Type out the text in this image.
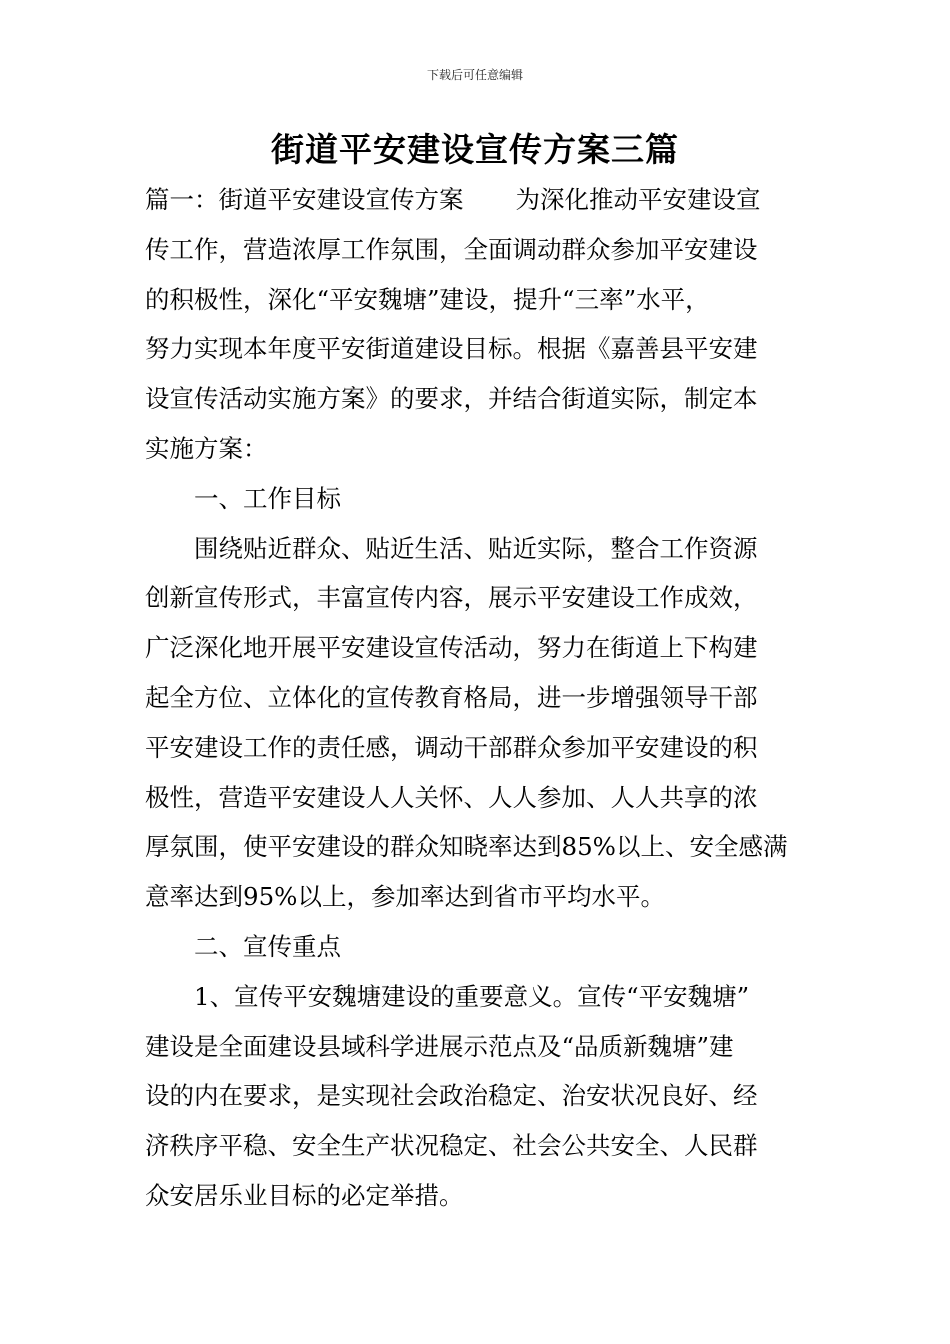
下载后可任意编辑
街道平安建设宣传方案三篇
篇一：街道平安建设宣传方案 为深化推动平安建设宣
传工作，营造浓厚工作氛围，全面调动群众参加平安建设
的积极性，深化“平安魏塘”建设，提升“三率”水平，
努力实现本年度平安街道建设目标。根据《嘉善县平安建
设宣传活动实施方案》的要求，并结合街道实际，制定本
实施方案：
一、工作目标
围绕贴近群众、贴近生活、贴近实际，整合工作资源
创新宣传形式，丰富宣传内容，展示平安建设工作成效，
广泛深化地开展平安建设宣传活动，努力在街道上下构建
起全方位、立体化的宣传教育格局，进一步增强领导干部
平安建设工作的责任感，调动干部群众参加平安建设的积
极性，营造平安建设人人关怀、人人参加、人人共享的浓
厚氛围，使平安建设的群众知晓率达到85%以上、安全感满
意率达到95%以上，参加率达到省市平均水平。
二、宣传重点
1、宣传平安魏塘建设的重要意义。宣传“平安魏塘”
建设是全面建设县域科学进展示范点及“品质新魏塘”建
设的内在要求，是实现社会政治稳定、治安状况良好、经
济秩序平稳、安全生产状况稳定、社会公共安全、人民群
众安居乐业目标的必定举措。
